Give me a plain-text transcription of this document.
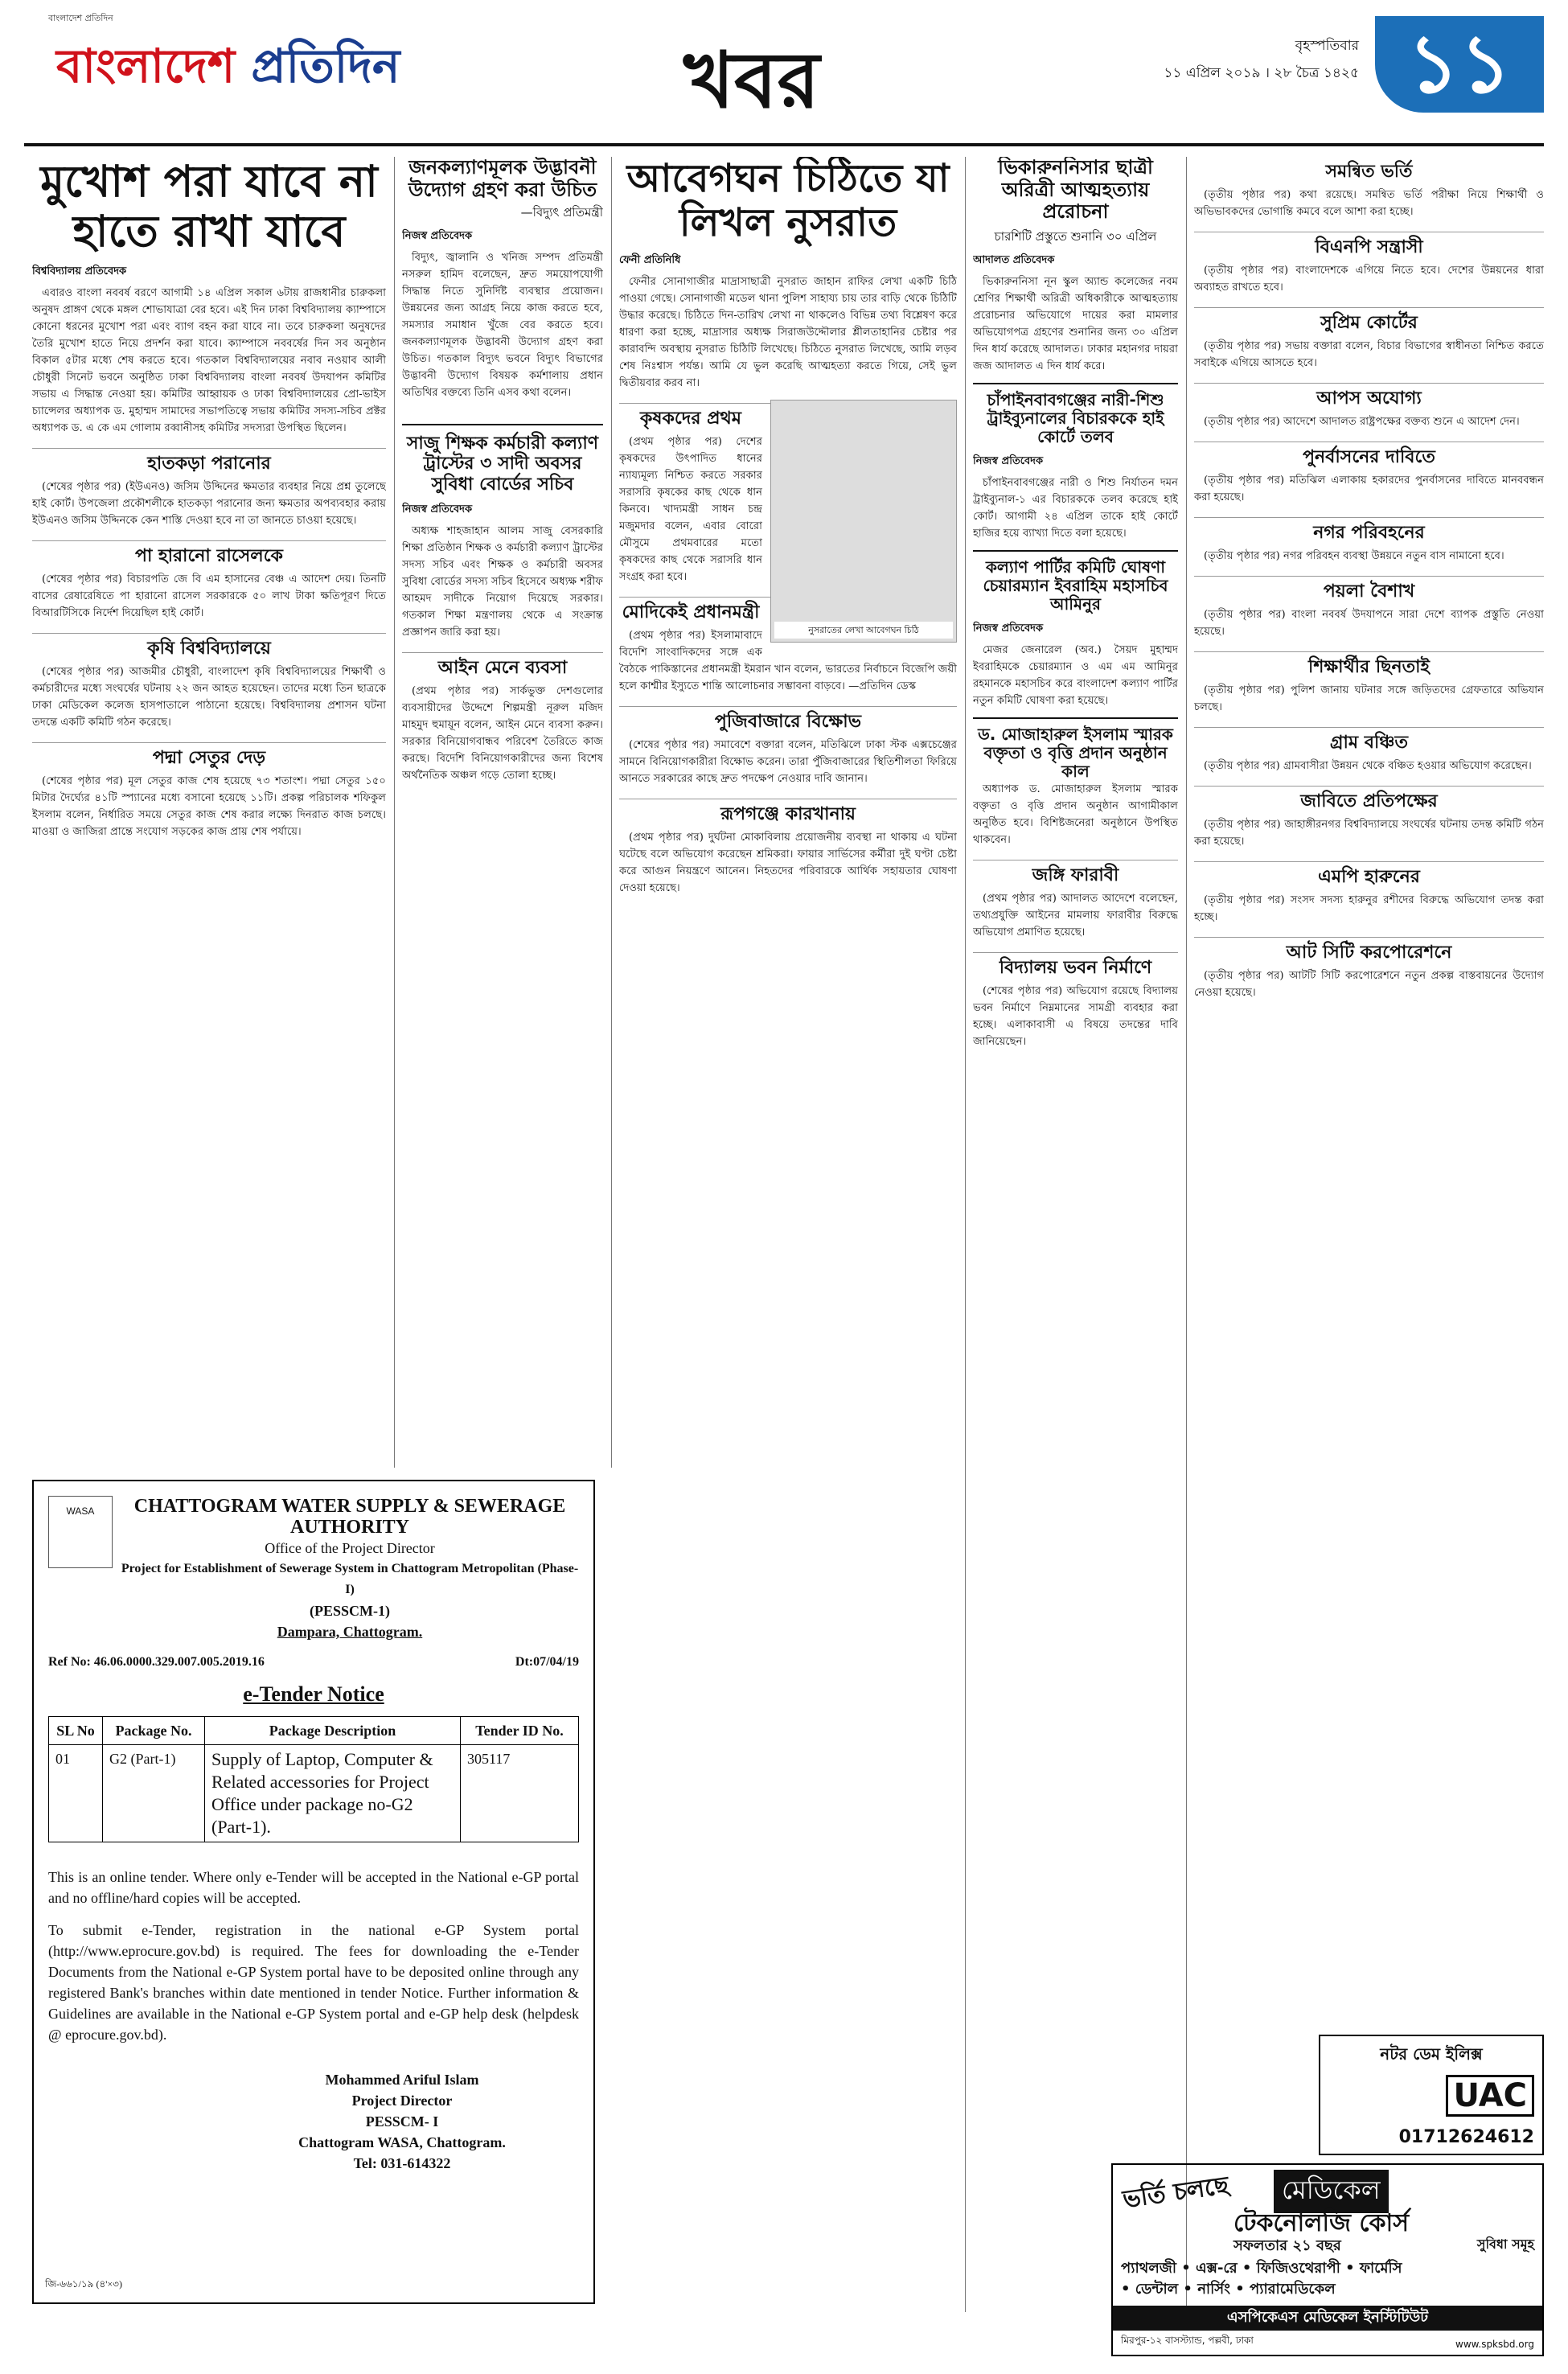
বাংলাদেশ প্রতিদিন
বাংলাদেশ প্রতিদিন	খবর	বৃহস্পতিবার
১১ এপ্রিল ২০১৯ । ২৮ চৈত্র ১৪২৫ ১১
মুখোশ পরা যাবে না হাতে রাখা যাবে
বিশ্ববিদ্যালয় প্রতিবেদক

এবারও বাংলা নববর্ষ বরণে আগামী ১৪ এপ্রিল সকাল ৬টায় রাজধানীর চারুকলা অনুষদ প্রাঙ্গণ থেকে মঙ্গল শোভাযাত্রা বের হবে। এই দিন ঢাকা বিশ্ববিদ্যালয় ক্যাম্পাসে কোনো ধরনের মুখোশ পরা এবং ব্যাগ বহন করা যাবে না। তবে চারুকলা অনুষদের তৈরি মুখোশ হাতে নিয়ে প্রদর্শন করা যাবে। ক্যাম্পাসে নববর্ষের দিন সব অনুষ্ঠান বিকাল ৫টার মধ্যে শেষ করতে হবে। গতকাল বিশ্ববিদ্যালয়ের নবাব নওয়াব আলী চৌধুরী সিনেট ভবনে অনুষ্ঠিত ঢাকা বিশ্ববিদ্যালয় বাংলা নববর্ষ উদযাপন কমিটির সভায় এ সিদ্ধান্ত নেওয়া হয়। কমিটির আহ্বায়ক ও ঢাকা বিশ্ববিদ্যালয়ের প্রো-ভাইস চ্যান্সেলর অধ্যাপক ড. মুহাম্মদ সামাদের সভাপতিত্বে সভায় কমিটির সদস্য-সচিব প্রক্টর অধ্যাপক ড. এ কে এম গোলাম রব্বানীসহ কমিটির সদস্যরা উপস্থিত ছিলেন।

হাতকড়া পরানোর

(শেষের পৃষ্ঠার পর) (ইউএনও) জসিম উদ্দিনের ক্ষমতার ব্যবহার নিয়ে প্রশ্ন তুলেছে হাই কোর্ট। উপজেলা প্রকৌশলীকে হাতকড়া পরানোর জন্য ক্ষমতার অপব্যবহার করায় ইউএনও জসিম উদ্দিনকে কেন শাস্তি দেওয়া হবে না তা জানতে চাওয়া হয়েছে।

পা হারানো রাসেলকে

(শেষের পৃষ্ঠার পর) বিচারপতি জে বি এম হাসানের বেঞ্চ এ আদেশ দেয়। তিনটি বাসের রেষারেষিতে পা হারানো রাসেল সরকারকে ৫০ লাখ টাকা ক্ষতিপূরণ দিতে বিআরটিসিকে নির্দেশ দিয়েছিল হাই কোর্ট।

কৃষি বিশ্ববিদ্যালয়ে

(শেষের পৃষ্ঠার পর) আজমীর চৌধুরী, বাংলাদেশ কৃষি বিশ্ববিদ্যালয়ের শিক্ষার্থী ও কর্মচারীদের মধ্যে সংঘর্ষের ঘটনায় ২২ জন আহত হয়েছেন। তাদের মধ্যে তিন ছাত্রকে ঢাকা মেডিকেল কলেজ হাসপাতালে পাঠানো হয়েছে। বিশ্ববিদ্যালয় প্রশাসন ঘটনা তদন্তে একটি কমিটি গঠন করেছে।

পদ্মা সেতুর দেড়

(শেষের পৃষ্ঠার পর) মূল সেতুর কাজ শেষ হয়েছে ৭৩ শতাংশ। পদ্মা সেতুর ১৫০ মিটার দৈর্ঘ্যের ৪১টি স্প্যানের মধ্যে বসানো হয়েছে ১১টি। প্রকল্প পরিচালক শফিকুল ইসলাম বলেন, নির্ধারিত সময়ে সেতুর কাজ শেষ করার লক্ষ্যে দিনরাত কাজ চলছে। মাওয়া ও জাজিরা প্রান্তে সংযোগ সড়কের কাজ প্রায় শেষ পর্যায়ে।

জনকল্যাণমূলক উদ্ভাবনী উদ্যোগ গ্রহণ করা উচিত
—বিদ্যুৎ প্রতিমন্ত্রী
নিজস্ব প্রতিবেদক

বিদ্যুৎ, জ্বালানি ও খনিজ সম্পদ প্রতিমন্ত্রী নসরুল হামিদ বলেছেন, দ্রুত সময়োপযোগী সিদ্ধান্ত নিতে সুনির্দিষ্ট ব্যবস্থার প্রয়োজন। উন্নয়নের জন্য আগ্রহ নিয়ে কাজ করতে হবে, সমস্যার সমাধান খুঁজে বের করতে হবে। জনকল্যাণমূলক উদ্ভাবনী উদ্যোগ গ্রহণ করা উচিত। গতকাল বিদ্যুৎ ভবনে বিদ্যুৎ বিভাগের উদ্ভাবনী উদ্যোগ বিষয়ক কর্মশালায় প্রধান অতিথির বক্তব্যে তিনি এসব কথা বলেন।

সাজু শিক্ষক কর্মচারী কল্যাণ ট্রাস্টের ৩ সাদী অবসর সুবিধা বোর্ডের সচিব
নিজস্ব প্রতিবেদক

অধ্যক্ষ শাহজাহান আলম সাজু বেসরকারি শিক্ষা প্রতিষ্ঠান শিক্ষক ও কর্মচারী কল্যাণ ট্রাস্টের সদস্য সচিব এবং শিক্ষক ও কর্মচারী অবসর সুবিধা বোর্ডের সদস্য সচিব হিসেবে অধ্যক্ষ শরীফ আহমদ সাদীকে নিয়োগ দিয়েছে সরকার। গতকাল শিক্ষা মন্ত্রণালয় থেকে এ সংক্রান্ত প্রজ্ঞাপন জারি করা হয়।

আইন মেনে ব্যবসা

(প্রথম পৃষ্ঠার পর) সার্কভুক্ত দেশগুলোর ব্যবসায়ীদের উদ্দেশে শিল্পমন্ত্রী নূরুল মজিদ মাহমুদ হুমায়ূন বলেন, আইন মেনে ব্যবসা করুন। সরকার বিনিয়োগবান্ধব পরিবেশ তৈরিতে কাজ করছে। বিদেশি বিনিয়োগকারীদের জন্য বিশেষ অর্থনৈতিক অঞ্চল গড়ে তোলা হচ্ছে।

আবেগঘন চিঠিতে যা লিখল নুসরাত
ফেনী প্রতিনিধি

ফেনীর সোনাগাজীর মাদ্রাসাছাত্রী নুসরাত জাহান রাফির লেখা একটি চিঠি পাওয়া গেছে। সোনাগাজী মডেল থানা পুলিশ সাহায্য চায় তার বাড়ি থেকে চিঠিটি উদ্ধার করেছে। চিঠিতে দিন-তারিখ লেখা না থাকলেও বিভিন্ন তথ্য বিশ্লেষণ করে ধারণা করা হচ্ছে, মাদ্রাসার অধ্যক্ষ সিরাজউদ্দৌলার শ্লীলতাহানির চেষ্টার পর কারাবন্দি অবস্থায় নুসরাত চিঠিটি লিখেছে। চিঠিতে নুসরাত লিখেছে, আমি লড়ব শেষ নিঃশ্বাস পর্যন্ত। আমি যে ভুল করেছি আত্মহত্যা করতে গিয়ে, সেই ভুল দ্বিতীয়বার করব না।

নুসরাতের লেখা আবেগঘন চিঠি
কৃষকদের প্রথম

(প্রথম পৃষ্ঠার পর) দেশের কৃষকদের উৎপাদিত ধানের ন্যায্যমূল্য নিশ্চিত করতে সরকার সরাসরি কৃষকের কাছ থেকে ধান কিনবে। খাদ্যমন্ত্রী সাধন চন্দ্র মজুমদার বলেন, এবার বোরো মৌসুমে প্রথমবারের মতো কৃষকদের কাছ থেকে সরাসরি ধান সংগ্রহ করা হবে।

মোদিকেই প্রধানমন্ত্রী

(প্রথম পৃষ্ঠার পর) ইসলামাবাদে বিদেশি সাংবাদিকদের সঙ্গে এক বৈঠকে পাকিস্তানের প্রধানমন্ত্রী ইমরান খান বলেন, ভারতের নির্বাচনে বিজেপি জয়ী হলে কাশ্মীর ইস্যুতে শান্তি আলোচনার সম্ভাবনা বাড়বে। —প্রতিদিন ডেস্ক

পুজিবাজারে বিক্ষোভ

(শেষের পৃষ্ঠার পর) সমাবেশে বক্তারা বলেন, মতিঝিলে ঢাকা স্টক এক্সচেঞ্জের সামনে বিনিয়োগকারীরা বিক্ষোভ করেন। তারা পুঁজিবাজারের স্থিতিশীলতা ফিরিয়ে আনতে সরকারের কাছে দ্রুত পদক্ষেপ নেওয়ার দাবি জানান।

রূপগঞ্জে কারখানায়

(প্রথম পৃষ্ঠার পর) দুর্ঘটনা মোকাবিলায় প্রয়োজনীয় ব্যবস্থা না থাকায় এ ঘটনা ঘটেছে বলে অভিযোগ করেছেন শ্রমিকরা। ফায়ার সার্ভিসের কর্মীরা দুই ঘণ্টা চেষ্টা করে আগুন নিয়ন্ত্রণে আনেন। নিহতদের পরিবারকে আর্থিক সহায়তার ঘোষণা দেওয়া হয়েছে।

ভিকারুননিসার ছাত্রী অরিত্রী আত্মহত্যায় প্ররোচনা
চারশিটি প্রস্তুতে শুনানি ৩০ এপ্রিল
আদালত প্রতিবেদক

ভিকারুননিসা নূন স্কুল অ্যান্ড কলেজের নবম শ্রেণির শিক্ষার্থী অরিত্রী অধিকারীকে আত্মহত্যায় প্ররোচনার অভিযোগে দায়ের করা মামলার অভিযোগপত্র গ্রহণের শুনানির জন্য ৩০ এপ্রিল দিন ধার্য করেছে আদালত। ঢাকার মহানগর দায়রা জজ আদালত এ দিন ধার্য করে।

চাঁপাইনবাবগঞ্জের নারী-শিশু ট্রাইব্যুনালের বিচারককে হাই কোর্টে তলব
নিজস্ব প্রতিবেদক

চাঁপাইনবাবগঞ্জের নারী ও শিশু নির্যাতন দমন ট্রাইব্যুনাল-১ এর বিচারককে তলব করেছে হাই কোর্ট। আগামী ২৪ এপ্রিল তাকে হাই কোর্টে হাজির হয়ে ব্যাখ্যা দিতে বলা হয়েছে।

কল্যাণ পার্টির কমিটি ঘোষণা চেয়ারম্যান ইবরাহিম মহাসচিব আমিনুর
নিজস্ব প্রতিবেদক

মেজর জেনারেল (অব.) সৈয়দ মুহাম্মদ ইবরাহিমকে চেয়ারম্যান ও এম এম আমিনুর রহমানকে মহাসচিব করে বাংলাদেশ কল্যাণ পার্টির নতুন কমিটি ঘোষণা করা হয়েছে।

ড. মোজাহারুল ইসলাম স্মারক বক্তৃতা ও বৃত্তি প্রদান অনুষ্ঠান কাল

অধ্যাপক ড. মোজাহারুল ইসলাম স্মারক বক্তৃতা ও বৃত্তি প্রদান অনুষ্ঠান আগামীকাল অনুষ্ঠিত হবে। বিশিষ্টজনেরা অনুষ্ঠানে উপস্থিত থাকবেন।

জঙ্গি ফারাবী

(প্রথম পৃষ্ঠার পর) আদালত আদেশে বলেছেন, তথ্যপ্রযুক্তি আইনের মামলায় ফারাবীর বিরুদ্ধে অভিযোগ প্রমাণিত হয়েছে।

বিদ্যালয় ভবন নির্মাণে

(শেষের পৃষ্ঠার পর) অভিযোগ রয়েছে বিদ্যালয় ভবন নির্মাণে নিম্নমানের সামগ্রী ব্যবহার করা হচ্ছে। এলাকাবাসী এ বিষয়ে তদন্তের দাবি জানিয়েছেন।

সমন্বিত ভর্তি

(তৃতীয় পৃষ্ঠার পর) কথা রয়েছে। সমন্বিত ভর্তি পরীক্ষা নিয়ে শিক্ষার্থী ও অভিভাবকদের ভোগান্তি কমবে বলে আশা করা হচ্ছে।

বিএনপি সন্ত্রাসী

(তৃতীয় পৃষ্ঠার পর) বাংলাদেশকে এগিয়ে নিতে হবে। দেশের উন্নয়নের ধারা অব্যাহত রাখতে হবে।

সুপ্রিম কোর্টের

(তৃতীয় পৃষ্ঠার পর) সভায় বক্তারা বলেন, বিচার বিভাগের স্বাধীনতা নিশ্চিত করতে সবাইকে এগিয়ে আসতে হবে।

আপস অযোগ্য

(তৃতীয় পৃষ্ঠার পর) আদেশে আদালত রাষ্ট্রপক্ষের বক্তব্য শুনে এ আদেশ দেন।

পুনর্বাসনের দাবিতে

(তৃতীয় পৃষ্ঠার পর) মতিঝিল এলাকায় হকারদের পুনর্বাসনের দাবিতে মানববন্ধন করা হয়েছে।

নগর পরিবহনের

(তৃতীয় পৃষ্ঠার পর) নগর পরিবহন ব্যবস্থা উন্নয়নে নতুন বাস নামানো হবে।

পয়লা বৈশাখ

(তৃতীয় পৃষ্ঠার পর) বাংলা নববর্ষ উদযাপনে সারা দেশে ব্যাপক প্রস্তুতি নেওয়া হয়েছে।

শিক্ষার্থীর ছিনতাই

(তৃতীয় পৃষ্ঠার পর) পুলিশ জানায় ঘটনার সঙ্গে জড়িতদের গ্রেফতারে অভিযান চলছে।

গ্রাম বঞ্চিত

(তৃতীয় পৃষ্ঠার পর) গ্রামবাসীরা উন্নয়ন থেকে বঞ্চিত হওয়ার অভিযোগ করেছেন।

জাবিতে প্রতিপক্ষের

(তৃতীয় পৃষ্ঠার পর) জাহাঙ্গীরনগর বিশ্ববিদ্যালয়ে সংঘর্ষের ঘটনায় তদন্ত কমিটি গঠন করা হয়েছে।

এমপি হারুনের

(তৃতীয় পৃষ্ঠার পর) সংসদ সদস্য হারুনুর রশীদের বিরুদ্ধে অভিযোগ তদন্ত করা হচ্ছে।

আট সিটি করপোরেশনে

(তৃতীয় পৃষ্ঠার পর) আটটি সিটি করপোরেশনে নতুন প্রকল্প বাস্তবায়নের উদ্যোগ নেওয়া হয়েছে।

WASA	CHATTOGRAM WATER SUPPLY & SEWERAGE AUTHORITY
Office of the Project Director
Project for Establishment of Sewerage System in Chattogram Metropolitan (Phase-I)
(PESSCM-1)
Dampara, Chattogram.
Ref No: 46.06.0000.329.007.005.2019.16	Dt:07/04/19
e-Tender Notice
SL No	Package No.	Package Description	Tender ID No.
01	G2 (Part-1)	Supply of Laptop, Computer & Related accessories for Project Office under package no-G2 (Part-1).	305117

This is an online tender. Where only e-Tender will be accepted in the National e-GP portal and no offline/hard copies will be accepted.

To submit e-Tender, registration in the national e-GP System portal (http://www.eprocure.gov.bd) is required. The fees for downloading the e-Tender Documents from the National e-GP System portal have to be deposited online through any registered Bank's branches within date mentioned in tender Notice. Further information & Guidelines are available in the National e-GP System portal and e-GP help desk (helpdesk @ eprocure.gov.bd).

Mohammed Ariful Islam
Project Director
PESSCM- I
Chattogram WASA, Chattogram.
Tel: 031-614322
জি-৬৬১/১৯ (৪'×৩)
নটর ডেম ইলিক্স
UAC
01712624612
ভর্তি চলছে	মেডিকেল
টেকনোলজি কোর্স
সফলতার ২১ বছর	সুবিধা সমূহ
প্যাথলজী • এক্স-রে • ফিজিওথেরাপী • ফার্মেসি • ডেন্টাল • নার্সিং • প্যারামেডিকেল
এসপিকেএস মেডিকেল ইনস্টিটিউট
মিরপুর-১২ বাসস্ট্যান্ড, পল্লবী, ঢাকা	www.spksbd.org
